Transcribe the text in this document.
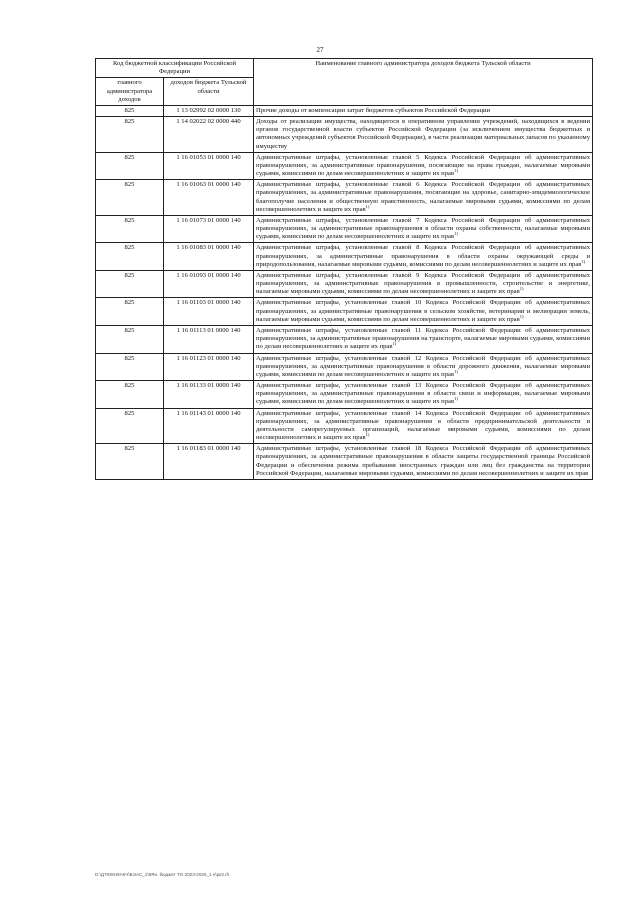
27
Код бюджетной классификации Российской Федерации		Наименование главного администратора доходов бюджета Тульской области
главного администратора доходов	доходов бюджета Тульской области	
825	1 13 02992 02 0000 130	Прочие доходы от компенсации затрат бюджетов субъектов Российской Федерации
825	1 14 02022 02 0000 440	Доходы от реализации имущества, находящегося в оперативном управлении учреждений, находящихся в ведении органов государственной власти субъектов Российской Федерации (за исключением имущества бюджетных и автономных учреждений субъектов Российской Федерации), в части реализации материальных запасов по указанному имуществу
825	1 16 01053 01 0000 140	Административные штрафы, установленные главой 5 Кодекса Российской Федерации об административных правонарушениях, за административные правонарушения, посягающие на права граждан, налагаемые мировыми судьями, комиссиями по делам несовершеннолетних и защите их прав$^{1)}$
825	1 16 01063 01 0000 140	Административные штрафы, установленные главой 6 Кодекса Российской Федерации об административных правонарушениях, за административные правонарушения, посягающие на здоровье, санитарно-эпидемиологическое благополучие населения и общественную нравственность, налагаемые мировыми судьями, комиссиями по делам несовершеннолетних и защите их прав$^{1)}$
825	1 16 01073 01 0000 140	Административные штрафы, установленные главой 7 Кодекса Российской Федерации об административных правонарушениях, за административные правонарушения в области охраны собственности, налагаемые мировыми судьями, комиссиями по делам несовершеннолетних и защите их прав$^{1)}$
825	1 16 01083 01 0000 140	Административные штрафы, установленные главой 8 Кодекса Российской Федерации об административных правонарушениях, за административные правонарушения в области охраны окружающей среды и природопользования, налагаемые мировыми судьями, комиссиями по делам несовершеннолетних и защите их прав$^{1)}$
825	1 16 01093 01 0000 140	Административные штрафы, установленные главой 9 Кодекса Российской Федерации об административных правонарушениях, за административные правонарушения в промышленности, строительстве и энергетике, налагаемые мировыми судьями, комиссиями по делам несовершеннолетних и защите их прав$^{1)}$
825	1 16 01103 01 0000 140	Административные штрафы, установленные главой 10 Кодекса Российской Федерации об административных правонарушениях, за административные правонарушения в сельском хозяйстве, ветеринарии и мелиорации земель, налагаемые мировыми судьями, комиссиями по делам несовершеннолетних и защите их прав$^{1)}$
825	1 16 01113 01 0000 140	Административные штрафы, установленные главой 11 Кодекса Российской Федерации об административных правонарушениях, за административные правонарушения на транспорте, налагаемые мировыми судьями, комиссиями по делам несовершеннолетних и защите их прав$^{1)}$
825	1 16 01123 01 0000 140	Административные штрафы, установленные главой 12 Кодекса Российской Федерации об административных правонарушениях, за административные правонарушения в области дорожного движения, налагаемые мировыми судьями, комиссиями по делам несовершеннолетних и защите их прав$^{1)}$
825	1 16 01133 01 0000 140	Административные штрафы, установленные главой 13 Кодекса Российской Федерации об административных правонарушениях, за административные правонарушения в области связи и информации, налагаемые мировыми судьями, комиссиями по делам несовершеннолетних и защите их прав$^{1)}$
825	1 16 01143 01 0000 140	Административные штрафы, установленные главой 14 Кодекса Российской Федерации об административных правонарушениях, за административные правонарушения в области предпринимательской деятельности и деятельности саморегулируемых организаций, налагаемые мировыми судьями, комиссиями по делам несовершеннолетних и защите их прав$^{1)}$
825	1 16 01183 01 0000 140	Административные штрафы, установленные главой 18 Кодекса Российской Федерации об административных правонарушениях, за административные правонарушения в области защиты государственной границы Российской Федерации и обеспечения режима пребывания иностранных граждан или лиц без гражданства на территории Российской Федерации, налагаемые мировыми судьями, комиссиями по делам несовершеннолетних и защите их прав
D:\Д7Ю8Н9АКЧ\БЭАС_1\9Ян. бюджет ТО 2023-2025_1 н\рк3.rh
